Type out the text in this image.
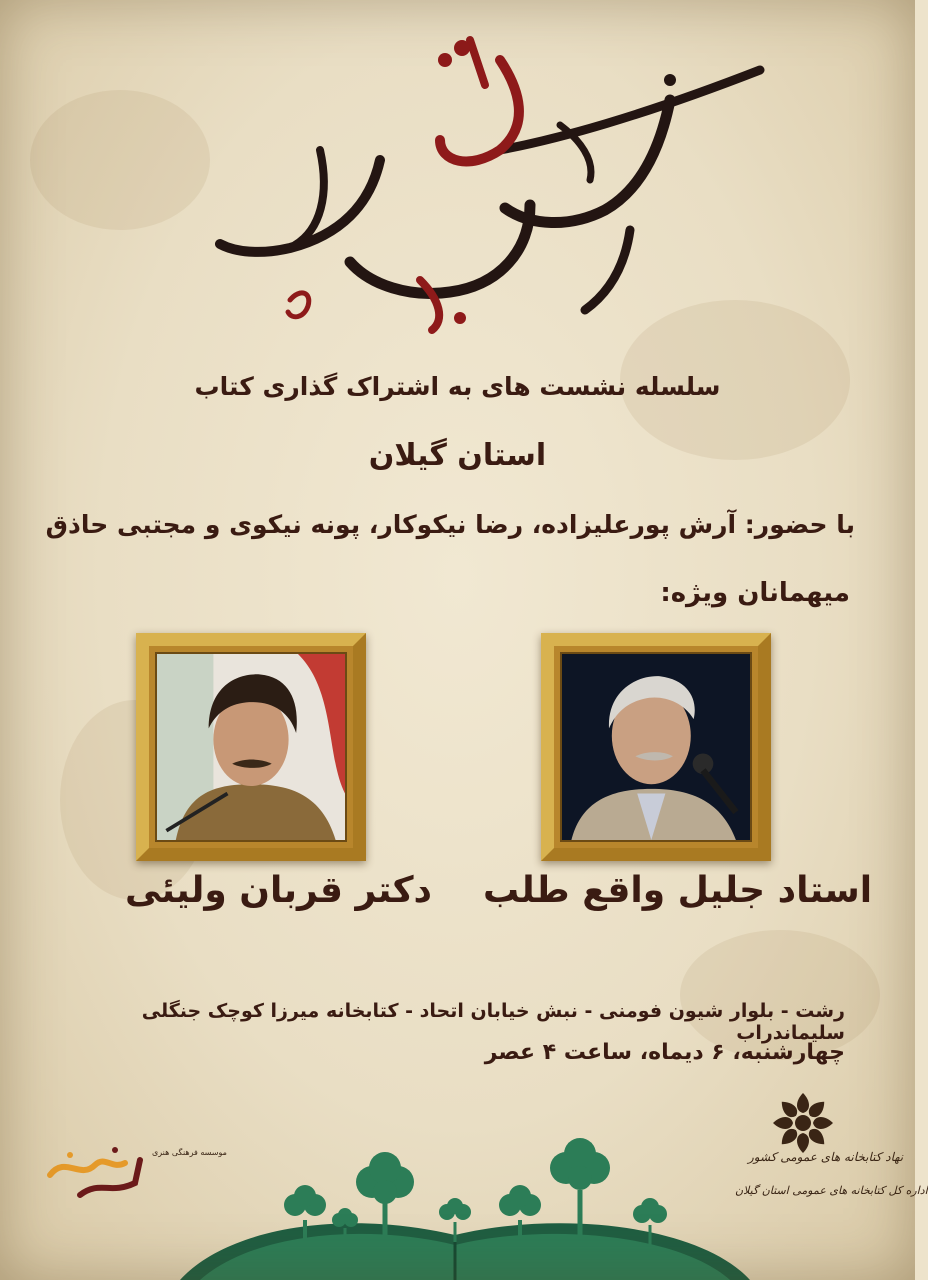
سلسله نشست های به اشتراک گذاری کتاب
استان گیلان
با حضور: آرش پورعلیزاده، رضا نیکوکار، پونه نیکوی و مجتبی حاذق
میهمانان ویژه:
دکتر قربان ولیئی استاد جلیل واقع طلب
رشت - بلوار شیون فومنی - نبش خیابان اتحاد - کتابخانه میرزا کوچک جنگلی سلیماندراب
چهارشنبه، ۶ دیماه، ساعت ۴ عصر
نهاد کتابخانه های عمومی کشور
اداره کل کتابخانه های عمومی استان گیلان
موسسه فرهنگی هنری
